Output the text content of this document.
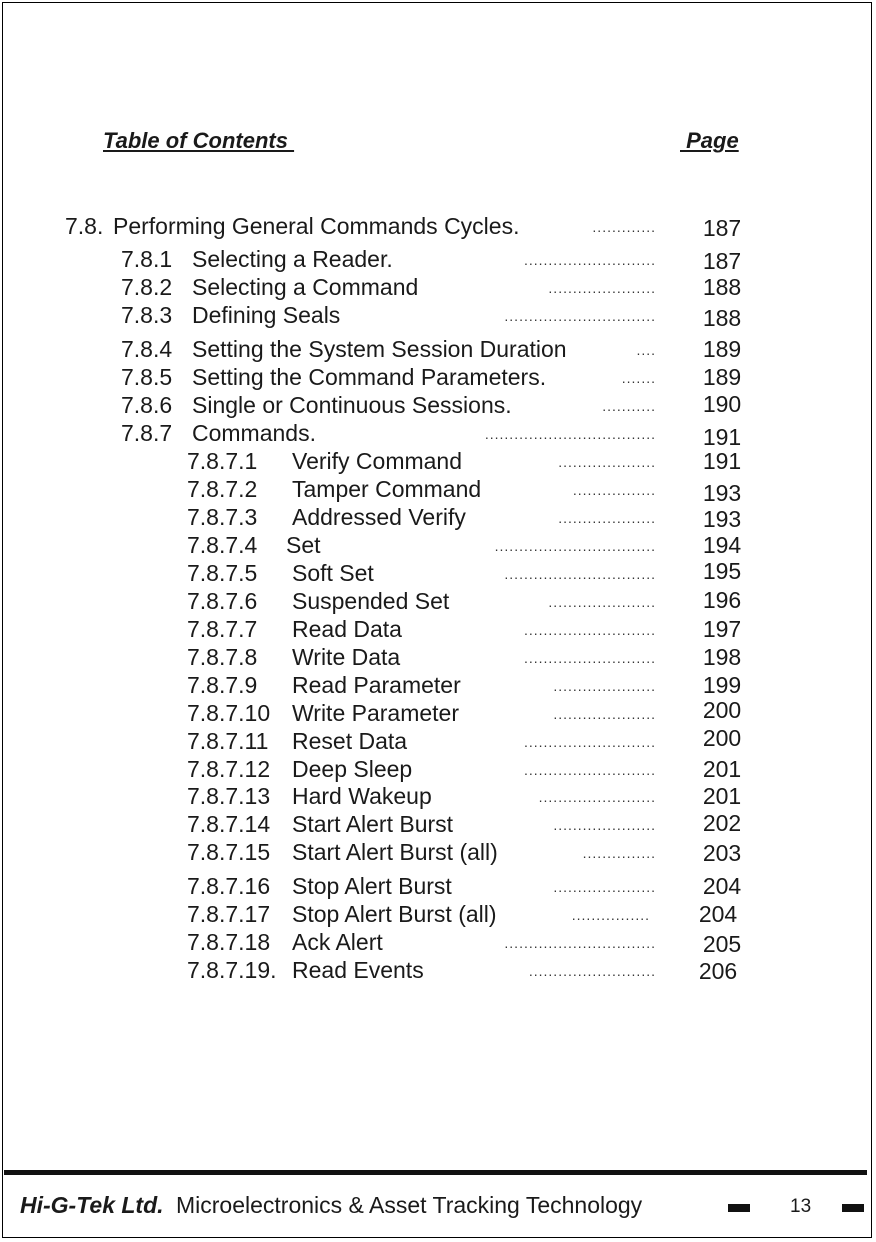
Table of Contents	Page
7.8. Performing General Commands Cycles.	............. 187
7.8.1 Selecting a Reader.	........................... 187
7.8.2 Selecting a Command	...................... 188
7.8.3 Defining Seals	............................... 188
7.8.4 Setting the System Session Duration	.... 189
7.8.5 Setting the Command Parameters.	....... 189
7.8.6 Single or Continuous Sessions.	........... 190
7.8.7 Commands.	................................... 191
7.8.7.1 Verify Command	.................... 191
7.8.7.2 Tamper Command	................. 193
7.8.7.3 Addressed Verify	.................... 193
7.8.7.4 Set	................................. 194
7.8.7.5 Soft Set	............................... 195
7.8.7.6 Suspended Set	...................... 196
7.8.7.7 Read Data	........................... 197
7.8.7.8 Write Data	........................... 198
7.8.7.9 Read Parameter	..................... 199
7.8.7.10 Write Parameter	..................... 200
7.8.7.11 Reset Data	........................... 200
7.8.7.12 Deep Sleep	........................... 201
7.8.7.13 Hard Wakeup	........................ 201
7.8.7.14 Start Alert Burst	..................... 202
7.8.7.15 Start Alert Burst (all)	............... 203
7.8.7.16 Stop Alert Burst	..................... 204
7.8.7.17 Stop Alert Burst (all)	................ 204
7.8.7.18 Ack Alert	............................... 205
7.8.7.19. Read Events	.......................... 206
Hi-G-Tek Ltd. Microelectronics & Asset Tracking Technology	13
